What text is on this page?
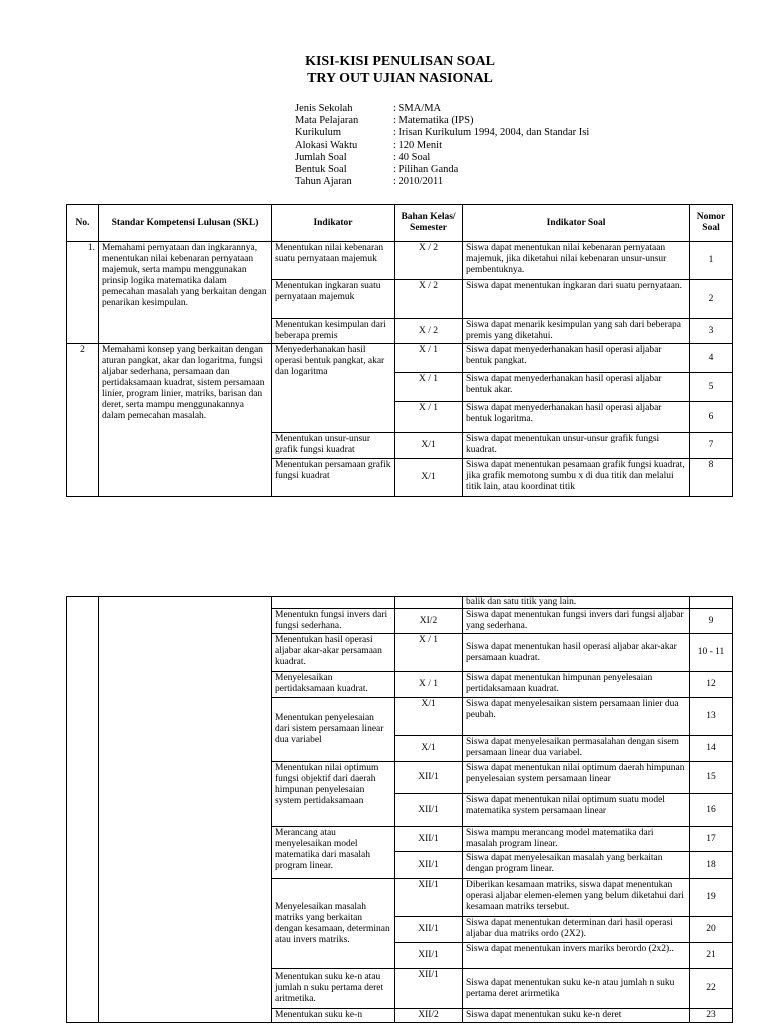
KISI-KISI PENULISAN SOAL
TRY OUT UJIAN NASIONAL
Jenis Sekolah	: SMA/MA
Mata Pelajaran	: Matematika (IPS)
Kurikulum	: Irisan Kurikulum 1994, 2004, dan Standar Isi
Alokasi Waktu	: 120 Menit
Jumlah Soal	: 40 Soal
Bentuk Soal	: Pilihan Ganda
Tahun Ajaran	: 2010/2011
No.	Standar Kompetensi Lulusan (SKL)	Indikator	Bahan Kelas/ Semester	Indikator Soal	Nomor Soal
1.	Memahami pernyataan dan ingkarannya, menentukan nilai kebenaran pernyataan majemuk, serta mampu menggunakan prinsip logika matematika dalam pemecahan masalah yang berkaitan dengan penarikan kesimpulan.	Menentukan nilai kebenaran suatu pernyataan majemuk	X / 2	Siswa dapat menentukan nilai kebenaran pernyataan majemuk, jika diketahui nilai kebenaran unsur-unsur pembentuknya.	1
		Menentukan ingkaran suatu pernyataan majemuk	X / 2	Siswa dapat menentukan ingkaran dari suatu pernyataan.	2
		Menentukan kesimpulan dari beberapa premis	X / 2	Siswa dapat menarik kesimpulan yang sah dari beberapa premis yang diketahui.	3
2	Memahami konsep yang berkaitan dengan aturan pangkat, akar dan logaritma, fungsi aljabar sederhana, persamaan dan pertidaksamaan kuadrat, sistem persamaan linier, program linier, matriks, barisan dan deret, serta mampu menggunakannya dalam pemecahan masalah.	Menyederhanakan hasil operasi bentuk pangkat, akar dan logaritma	X / 1	Siswa dapat menyederhanakan hasil operasi aljabar bentuk pangkat.	4
			X / 1	Siswa dapat menyederhanakan hasil operasi aljabar bentuk akar.	5
			X / 1	Siswa dapat menyederhanakan hasil operasi aljabar bentuk logaritma.	6
		Menentukan unsur-unsur grafik fungsi kuadrat	X/1	Siswa dapat menentukan unsur-unsur grafik fungsi kuadrat.	7
		Menentukan persamaan grafik fungsi kuadrat	X/1	Siswa dapat menentukan pesamaan grafik fungsi kuadrat, jika grafik memotong sumbu x di dua titik dan melalui titik lain, atau koordinat titik	8
				balik dan satu titik yang lain.	
		Menentukn fungsi invers dari fungsi sederhana.	XI/2	Siswa dapat menentukan fungsi invers dari fungsi aljabar yang sederhana.	9
		Menentukan hasil operasi aljabar akar-akar persamaan kuadrat.	X / 1	Siswa dapat menentukan hasil operasi aljabar akar-akar persamaan kuadrat.	10 - 11
		Menyelesaikan pertidaksamaan kuadrat.	X / 1	Siswa dapat menentukan himpunan penyelesaian pertidaksamaan kuadrat.	12
		Menentukan penyelesaian dari sistem persamaan linear dua variabel	X/1	Siswa dapat menyelesaikan sistem persamaan linier dua peubah.	13
			X/1	Siswa dapat menyelesaikan permasalahan dengan sisem persamaan linear dua variabel.	14
		Menentukan nilai optimum fungsi objektif dari daerah himpunan penyelesaian system pertidaksamaan	XII/1	Siswa dapat menentukan nilai optimum daerah himpunan penyelesaian system persamaan linear	15
			XII/1	Siswa dapat menentukan nilai optimum suatu model matematika system persamaan linear	16
		Merancang atau menyelesaikan model matematika dari masalah program linear.	XII/1	Siswa mampu merancang model matematika dari masalah program linear.	17
			XII/1	Siswa dapat menyelesaikan masalah yang berkaitan dengan program linear.	18
		Menyelesaikan masalah matriks yang berkaitan dengan kesamaan, determinan atau invers matriks.	XII/1	Diberikan kesamaan matriks, siswa dapat menentukan operasi aljabar elemen-elemen yang belum diketahui dari kesamaan matriks tersebut.	19
			XII/1	Siswa dapat menentukan determinan dari hasil operasi aljabar dua matriks ordo (2X2).	20
			XII/1	Siswa dapat menentukan invers mariks berordo (2x2)..	21
		Menentukan suku ke-n atau jumlah n suku pertama deret aritmetika.	XII/1	Siswa dapat menentukan suku ke-n atau jumlah n suku pertama deret arirmetika	22
		Menentukan suku ke-n	XII/2	Siswa dapat menentukan suku ke-n deret	23
